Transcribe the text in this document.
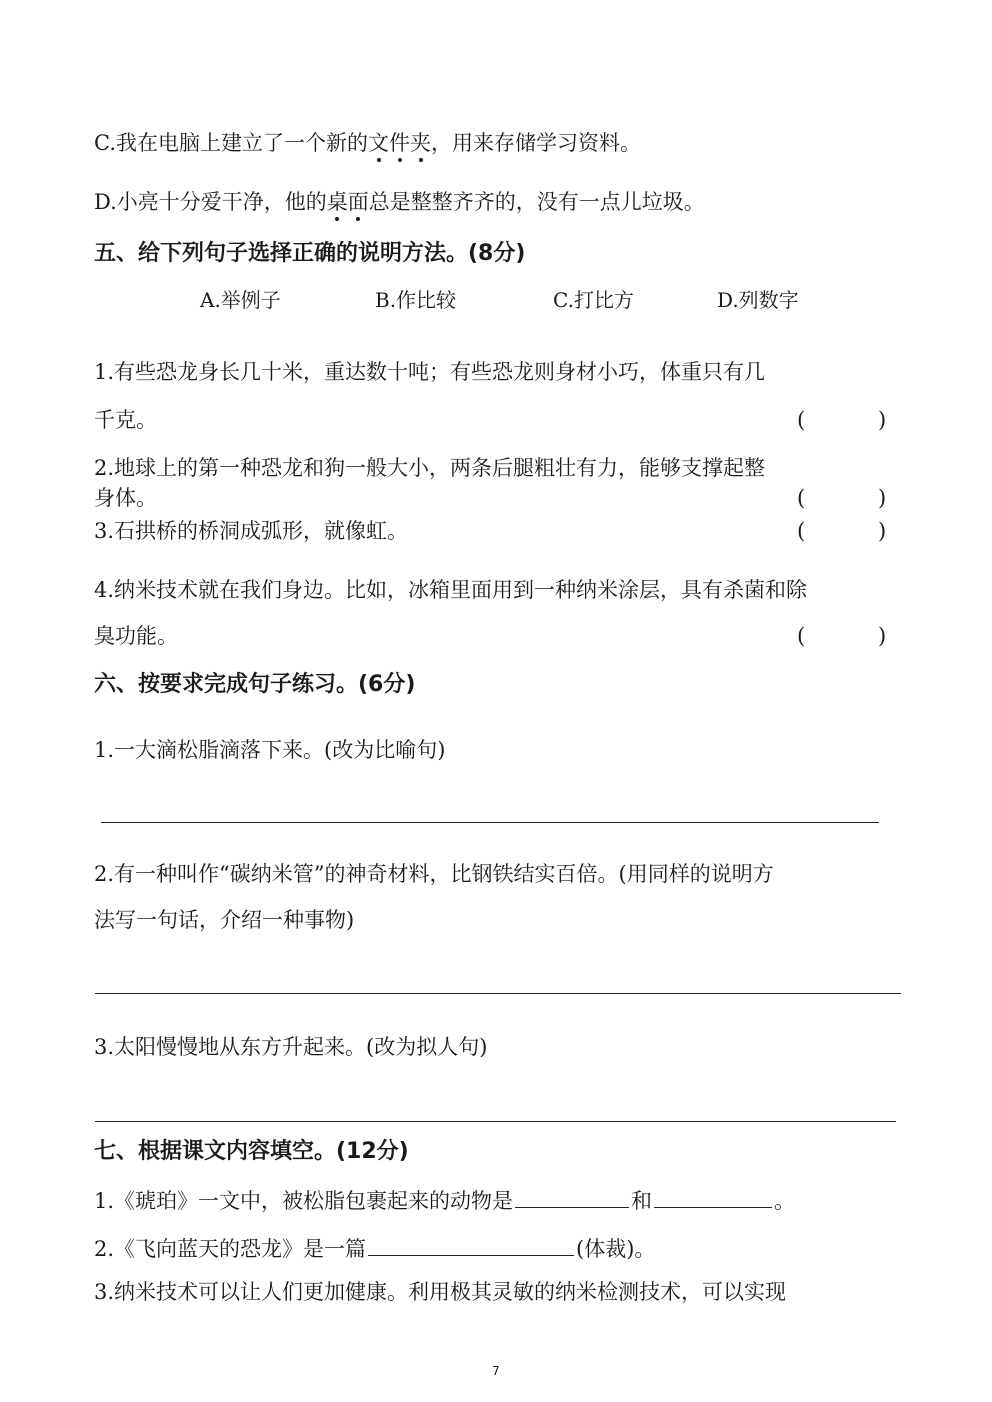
C.我在电脑上建立了一个新的文件夹，用来存储学习资料。
D.小亮十分爱干净，他的桌面总是整整齐齐的，没有一点儿垃圾。
五、给下列句子选择正确的说明方法。(8分)
A.举例子	B.作比较	C.打比方	D.列数字
1.有些恐龙身长几十米，重达数十吨；有些恐龙则身材小巧，体重只有几
千克。	(	)
2.地球上的第一种恐龙和狗一般大小，两条后腿粗壮有力，能够支撑起整
身体。	(	)
3.石拱桥的桥洞成弧形，就像虹。	(	)
4.纳米技术就在我们身边。比如，冰箱里面用到一种纳米涂层，具有杀菌和除
臭功能。	(	)
六、按要求完成句子练习。(6分)
1.一大滴松脂滴落下来。(改为比喻句)
2.有一种叫作“碳纳米管”的神奇材料，比钢铁结实百倍。(用同样的说明方
法写一句话，介绍一种事物)
3.太阳慢慢地从东方升起来。(改为拟人句)
七、根据课文内容填空。(12分)
1.《琥珀》一文中，被松脂包裹起来的动物是	和	。
2.《飞向蓝天的恐龙》是一篇	(体裁)。
3.纳米技术可以让人们更加健康。利用极其灵敏的纳米检测技术，可以实现
7
